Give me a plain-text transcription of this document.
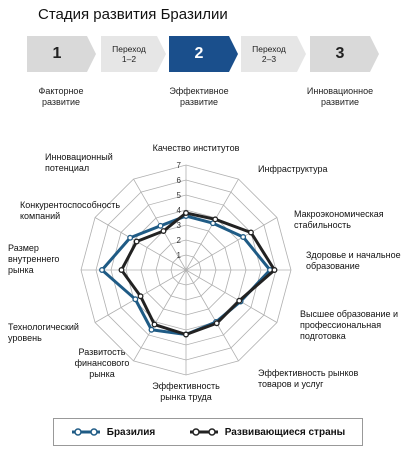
Стадия развития Бразилии
1	Переход
1–2	2	Переход
2–3	3
Факторное
развитие
Эффективное
развитие
Инновационное
развитие
1
2
3
4
5
6
7
Качество институтов
Инфраструктура
Макроэкономическая стабильность
Здоровье и начальное образование
Высшее образование и профессиональная подготовка
Эффективность рынков товаров и услуг
Эффективность рынка труда
Развитость финансового рынка
Технологический уровень
Размер внутреннего рынка
Конкурентоспособность компаний
Инновационный потенциал
Бразилия	Развивающиеся страны
